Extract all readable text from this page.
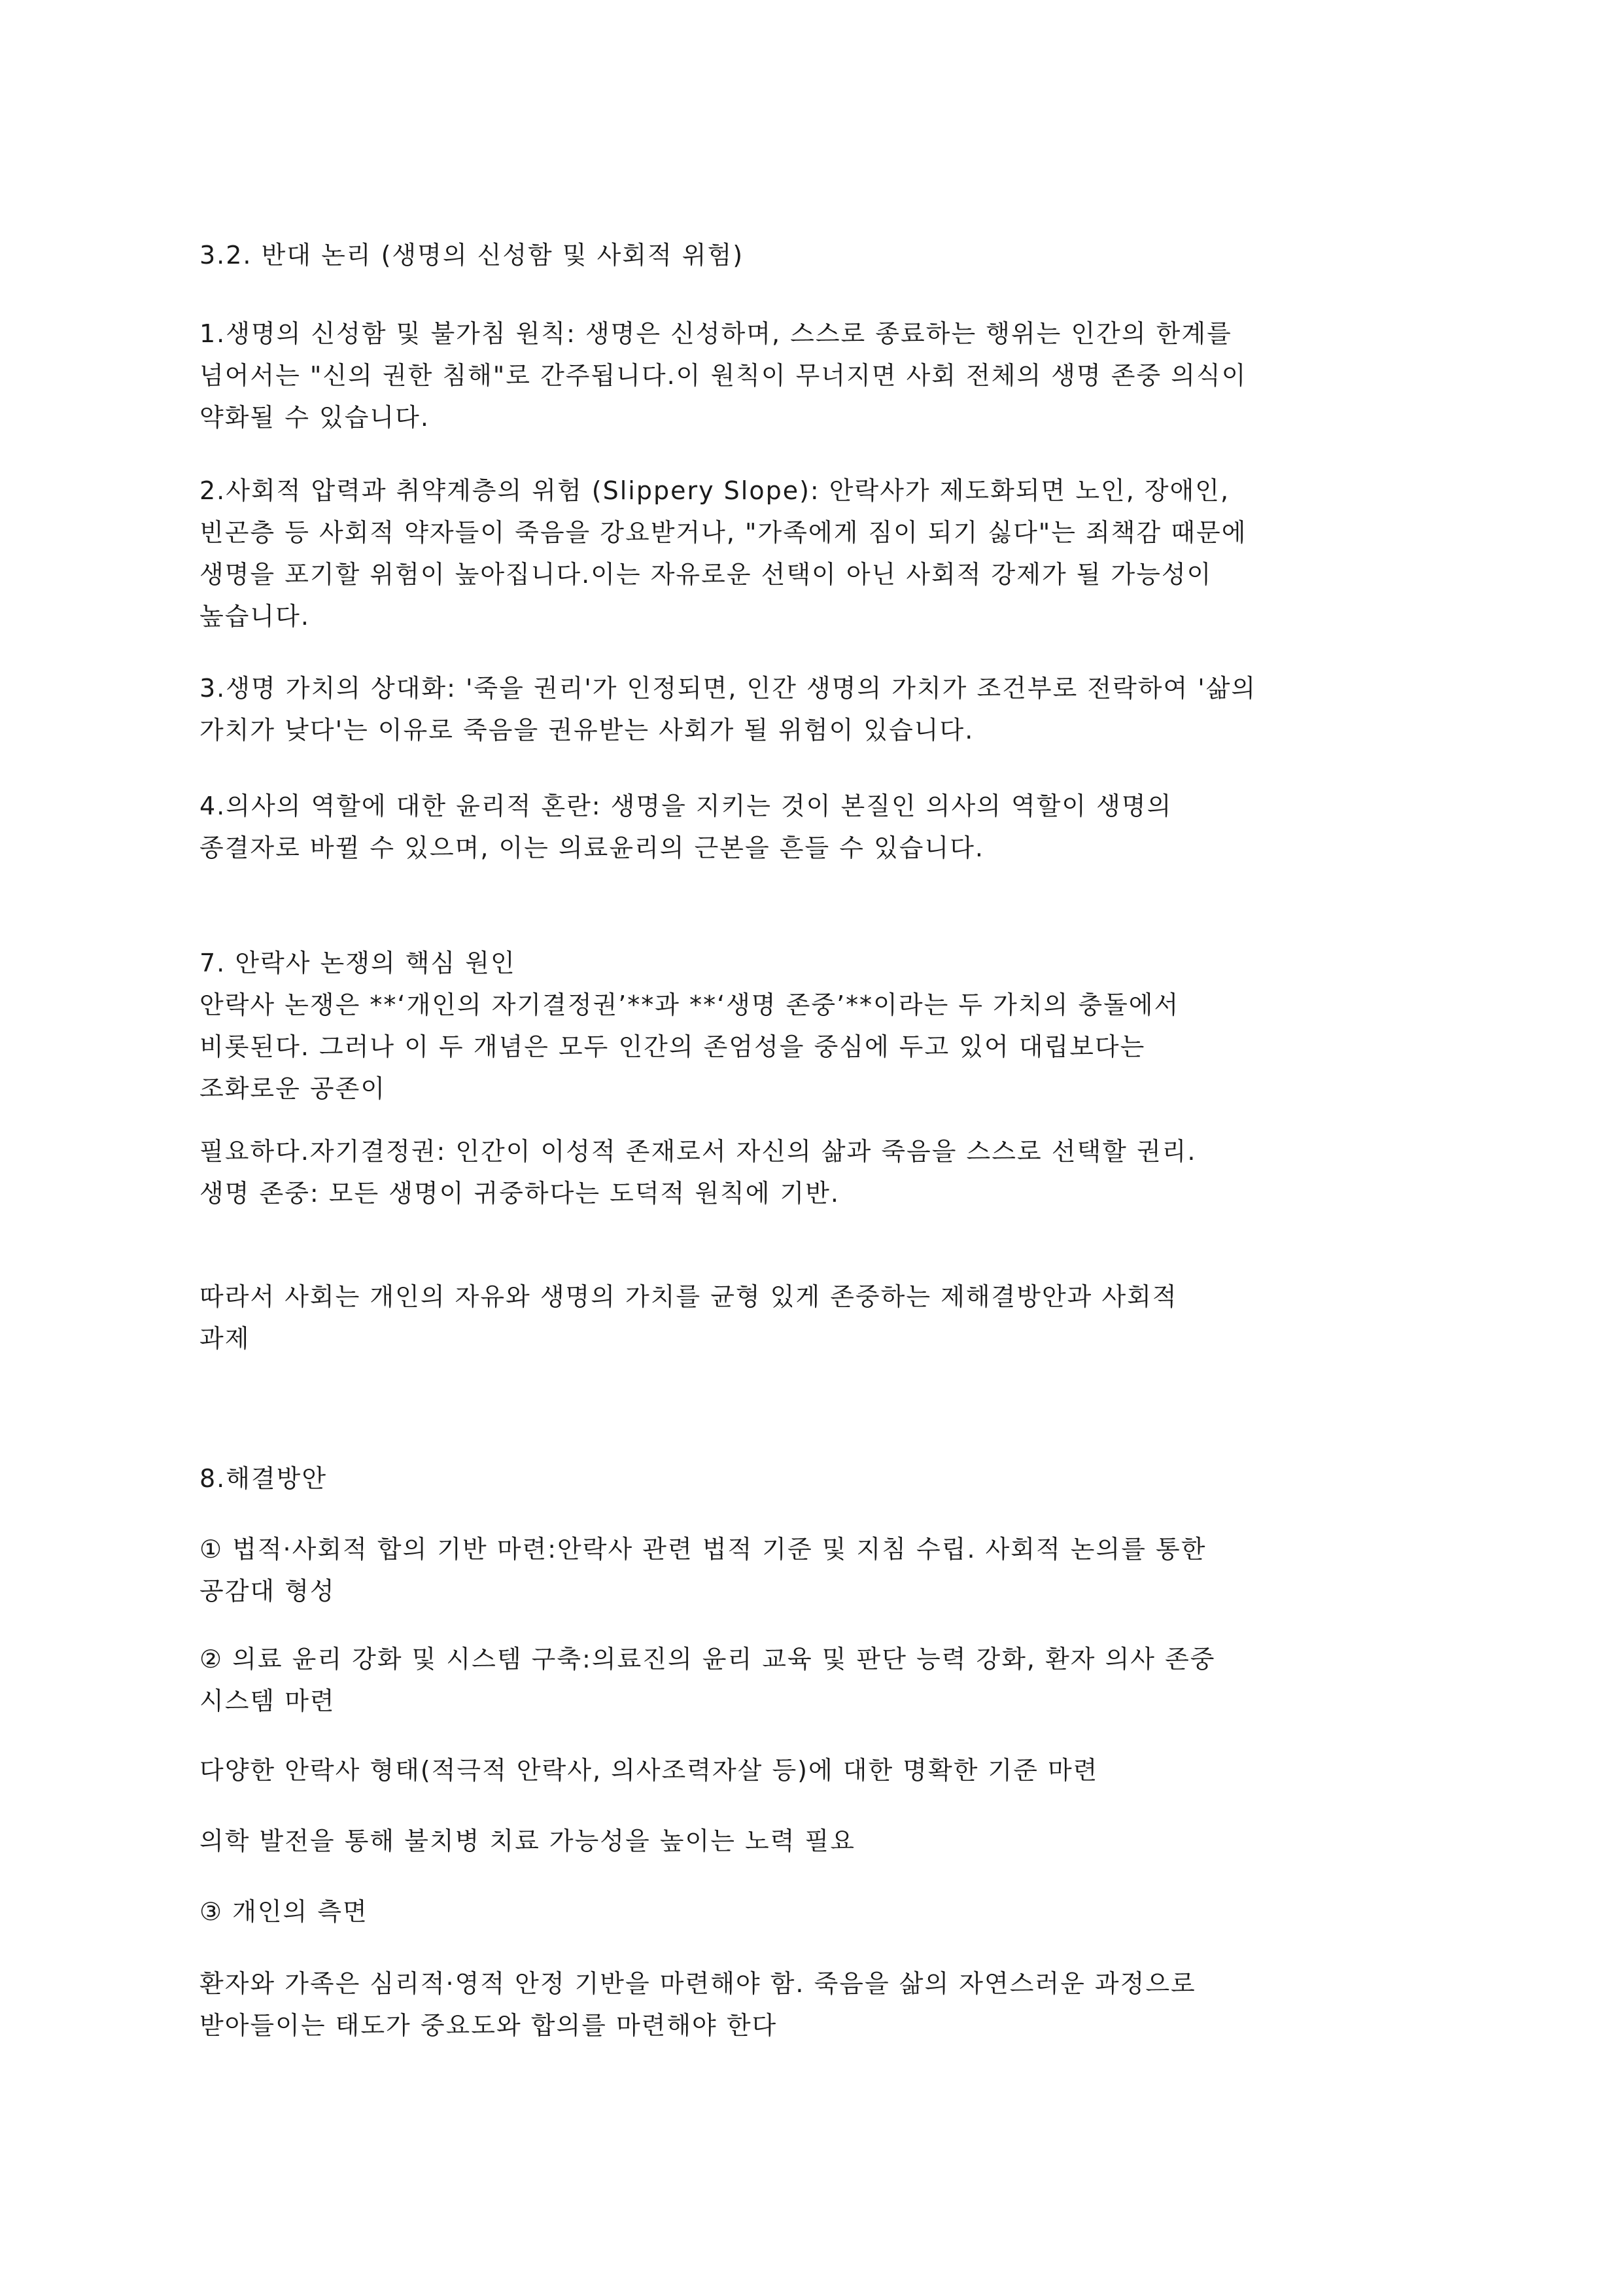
3.2. 반대 논리 (생명의 신성함 및 사회적 위험)

1.생명의 신성함 및 불가침 원칙: 생명은 신성하며, 스스로 종료하는 행위는 인간의 한계를
넘어서는 "신의 권한 침해"로 간주됩니다.이 원칙이 무너지면 사회 전체의 생명 존중 의식이
약화될 수 있습니다.

2.사회적 압력과 취약계층의 위험 (Slippery Slope): 안락사가 제도화되면 노인, 장애인,
빈곤층 등 사회적 약자들이 죽음을 강요받거나, "가족에게 짐이 되기 싫다"는 죄책감 때문에
생명을 포기할 위험이 높아집니다.이는 자유로운 선택이 아닌 사회적 강제가 될 가능성이
높습니다.

3.생명 가치의 상대화: '죽을 권리'가 인정되면, 인간 생명의 가치가 조건부로 전락하여 '삶의
가치가 낮다'는 이유로 죽음을 권유받는 사회가 될 위험이 있습니다.

4.의사의 역할에 대한 윤리적 혼란: 생명을 지키는 것이 본질인 의사의 역할이 생명의
종결자로 바뀔 수 있으며, 이는 의료윤리의 근본을 흔들 수 있습니다.

7. 안락사 논쟁의 핵심 원인

안락사 논쟁은 **‘개인의 자기결정권’**과 **‘생명 존중’**이라는 두 가치의 충돌에서
비롯된다. 그러나 이 두 개념은 모두 인간의 존엄성을 중심에 두고 있어 대립보다는
조화로운 공존이

필요하다.자기결정권: 인간이 이성적 존재로서 자신의 삶과 죽음을 스스로 선택할 권리.
생명 존중: 모든 생명이 귀중하다는 도덕적 원칙에 기반.

따라서 사회는 개인의 자유와 생명의 가치를 균형 있게 존중하는 제해결방안과 사회적
과제

8.해결방안

① 법적·사회적 합의 기반 마련:안락사 관련 법적 기준 및 지침 수립. 사회적 논의를 통한
공감대 형성

② 의료 윤리 강화 및 시스템 구축:의료진의 윤리 교육 및 판단 능력 강화, 환자 의사 존중
시스템 마련

다양한 안락사 형태(적극적 안락사, 의사조력자살 등)에 대한 명확한 기준 마련

의학 발전을 통해 불치병 치료 가능성을 높이는 노력 필요

③ 개인의 측면

환자와 가족은 심리적·영적 안정 기반을 마련해야 함. 죽음을 삶의 자연스러운 과정으로
받아들이는 태도가 중요도와 합의를 마련해야 한다
